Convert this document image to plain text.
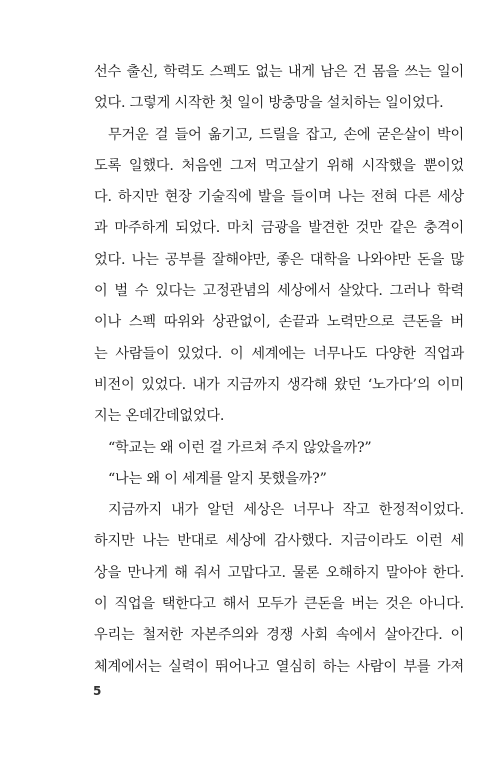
선수 출신, 학력도 스펙도 없는 내게 남은 건 몸을 쓰는 일이
었다. 그렇게 시작한 첫 일이 방충망을 설치하는 일이었다.
무거운 걸 들어 옮기고, 드릴을 잡고, 손에 굳은살이 박이
도록 일했다. 처음엔 그저 먹고살기 위해 시작했을 뿐이었
다. 하지만 현장 기술직에 발을 들이며 나는 전혀 다른 세상
과 마주하게 되었다. 마치 금광을 발견한 것만 같은 충격이
었다. 나는 공부를 잘해야만, 좋은 대학을 나와야만 돈을 많
이 벌 수 있다는 고정관념의 세상에서 살았다. 그러나 학력
이나 스펙 따위와 상관없이, 손끝과 노력만으로 큰돈을 버
는 사람들이 있었다. 이 세계에는 너무나도 다양한 직업과
비전이 있었다. 내가 지금까지 생각해 왔던 ‘노가다’의 이미
지는 온데간데없었다.
“학교는 왜 이런 걸 가르쳐 주지 않았을까?”
“나는 왜 이 세계를 알지 못했을까?”
지금까지 내가 알던 세상은 너무나 작고 한정적이었다.
하지만 나는 반대로 세상에 감사했다. 지금이라도 이런 세
상을 만나게 해 줘서 고맙다고. 물론 오해하지 말아야 한다.
이 직업을 택한다고 해서 모두가 큰돈을 버는 것은 아니다.
우리는 철저한 자본주의와 경쟁 사회 속에서 살아간다. 이
체계에서는 실력이 뛰어나고 열심히 하는 사람이 부를 가져
5
